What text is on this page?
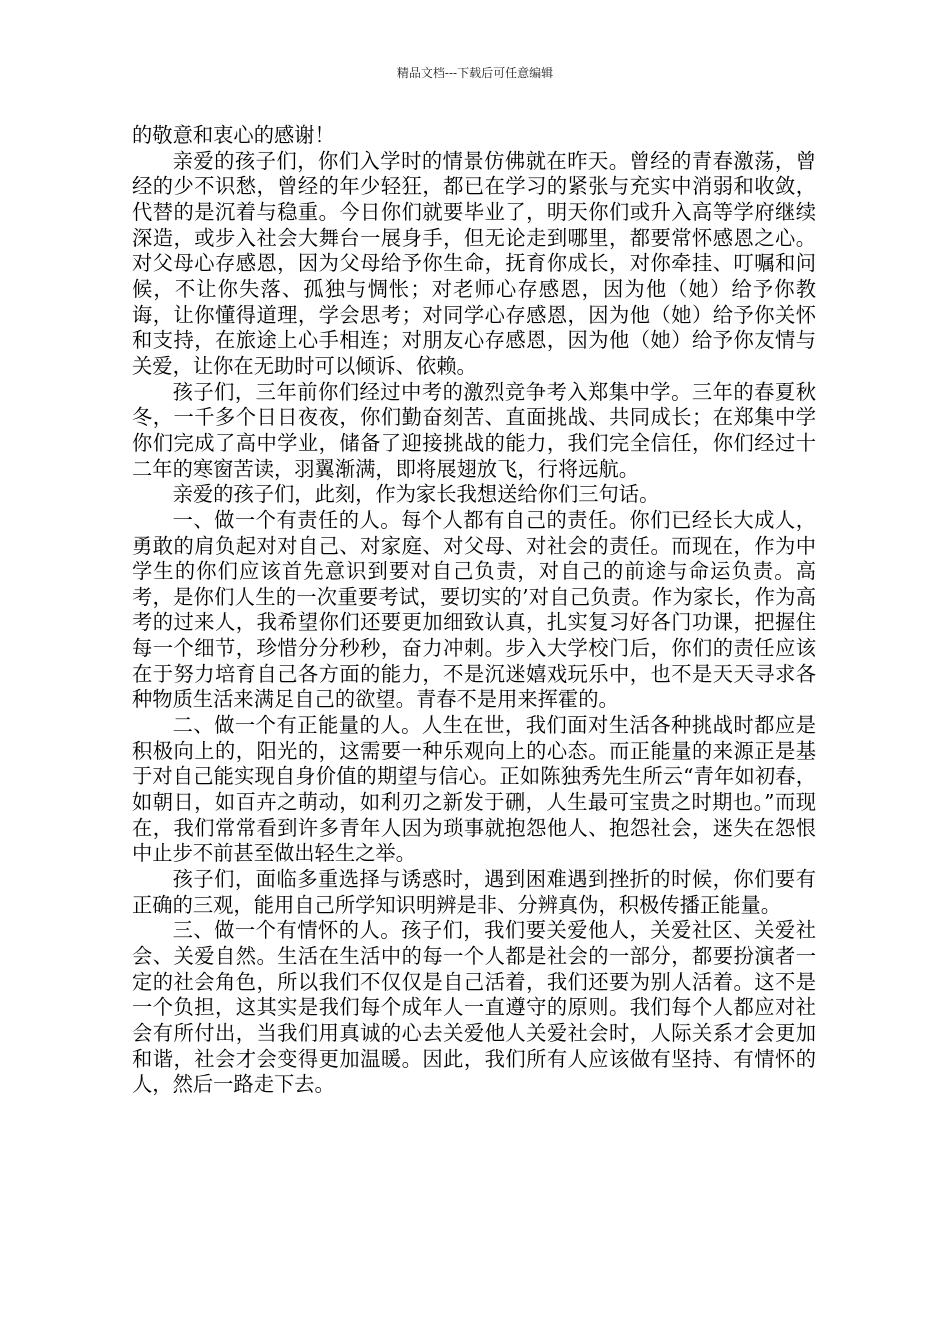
精品文档---下载后可任意编辑

的敬意和衷心的感谢！

亲爱的孩子们，你们入学时的情景仿佛就在昨天。曾经的青春激荡，曾经的少不识愁，曾经的年少轻狂，都已在学习的紧张与充实中消弱和收敛，代替的是沉着与稳重。今日你们就要毕业了，明天你们或升入高等学府继续深造，或步入社会大舞台一展身手，但无论走到哪里，都要常怀感恩之心。对父母心存感恩，因为父母给予你生命，抚育你成长，对你牵挂、叮嘱和问候，不让你失落、孤独与惆怅；对老师心存感恩，因为他（她）给予你教诲，让你懂得道理，学会思考；对同学心存感恩，因为他（她）给予你关怀和支持，在旅途上心手相连；对朋友心存感恩，因为他（她）给予你友情与关爱，让你在无助时可以倾诉、依赖。

孩子们，三年前你们经过中考的激烈竞争考入郑集中学。三年的春夏秋冬，一千多个日日夜夜，你们勤奋刻苦、直面挑战、共同成长；在郑集中学你们完成了高中学业，储备了迎接挑战的能力，我们完全信任，你们经过十二年的寒窗苦读，羽翼渐满，即将展翅放飞，行将远航。

亲爱的孩子们，此刻，作为家长我想送给你们三句话。

一、做一个有责任的人。每个人都有自己的责任。你们已经长大成人，勇敢的肩负起对对自己、对家庭、对父母、对社会的责任。而现在，作为中学生的你们应该首先意识到要对自己负责，对自己的前途与命运负责。高考，是你们人生的一次重要考试，要切实的’对自己负责。作为家长，作为高考的过来人，我希望你们还要更加细致认真，扎实复习好各门功课，把握住每一个细节，珍惜分分秒秒，奋力冲刺。步入大学校门后，你们的责任应该在于努力培育自己各方面的能力，不是沉迷嬉戏玩乐中，也不是天天寻求各种物质生活来满足自己的欲望。青春不是用来挥霍的。

二、做一个有正能量的人。人生在世，我们面对生活各种挑战时都应是积极向上的，阳光的，这需要一种乐观向上的心态。而正能量的来源正是基于对自己能实现自身价值的期望与信心。正如陈独秀先生所云“青年如初春，如朝日，如百卉之萌动，如利刃之新发于硎，人生最可宝贵之时期也。”而现在，我们常常看到许多青年人因为琐事就抱怨他人、抱怨社会，迷失在怨恨中止步不前甚至做出轻生之举。

孩子们，面临多重选择与诱惑时，遇到困难遇到挫折的时候，你们要有正确的三观，能用自己所学知识明辨是非、分辨真伪，积极传播正能量。

三、做一个有情怀的人。孩子们，我们要关爱他人，关爱社区、关爱社会、关爱自然。生活在生活中的每一个人都是社会的一部分，都要扮演者一定的社会角色，所以我们不仅仅是自己活着，我们还要为别人活着。这不是一个负担，这其实是我们每个成年人一直遵守的原则。我们每个人都应对社会有所付出，当我们用真诚的心去关爱他人关爱社会时，人际关系才会更加和谐，社会才会变得更加温暖。因此，我们所有人应该做有坚持、有情怀的人，然后一路走下去。
